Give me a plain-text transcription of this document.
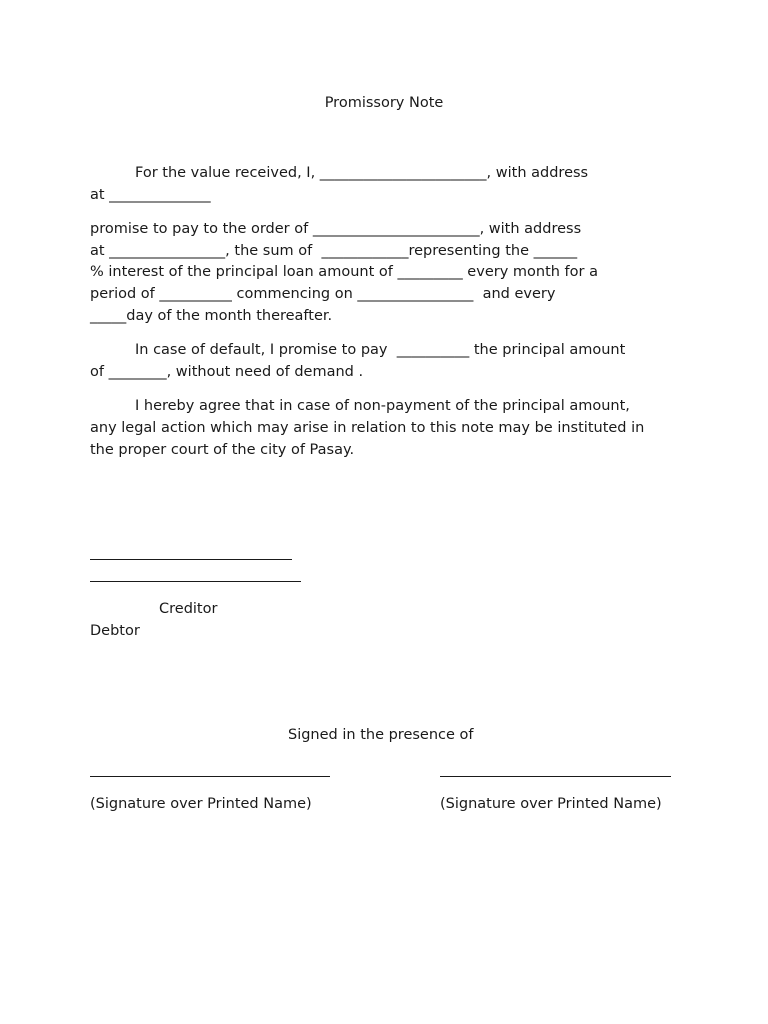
Promissory Note
For the value received, I, _______________________, with address
at ______________
promise to pay to the order of _______________________, with address
at ________________, the sum of  ____________representing the ______
% interest of the principal loan amount of _________ every month for a
period of __________ commencing on ________________  and every
_____day of the month thereafter.
In case of default, I promise to pay  __________ the principal amount
of ________, without need of demand .
I hereby agree that in case of non-payment of the principal amount,
any legal action which may arise in relation to this note may be instituted in
the proper court of the city of Pasay.
Creditor
Debtor
Signed in the presence of
(Signature over Printed Name)	(Signature over Printed Name)
